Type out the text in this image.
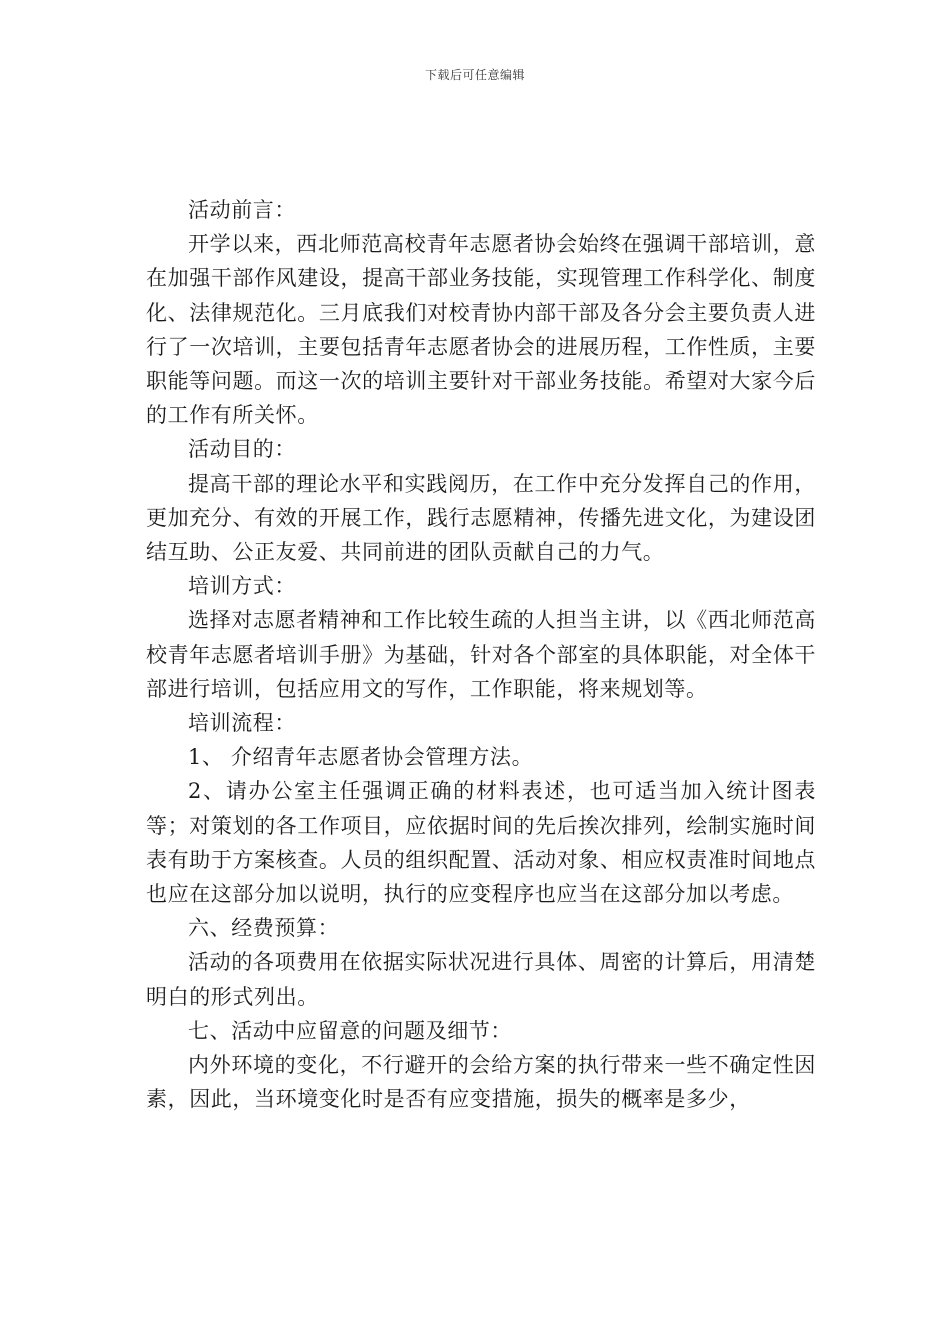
下载后可任意编辑

活动前言：

开学以来，西北师范高校青年志愿者协会始终在强调干部培训，意在加强干部作风建设，提高干部业务技能，实现管理工作科学化、制度化、法律规范化。三月底我们对校青协内部干部及各分会主要负责人进行了一次培训，主要包括青年志愿者协会的进展历程，工作性质，主要职能等问题。而这一次的培训主要针对干部业务技能。希望对大家今后的工作有所关怀。

活动目的：

提高干部的理论水平和实践阅历，在工作中充分发挥自己的作用，更加充分、有效的开展工作，践行志愿精神，传播先进文化，为建设团结互助、公正友爱、共同前进的团队贡献自己的力气。

培训方式：

选择对志愿者精神和工作比较生疏的人担当主讲，以《西北师范高校青年志愿者培训手册》为基础，针对各个部室的具体职能，对全体干部进行培训，包括应用文的写作，工作职能，将来规划等。

培训流程：

1、 介绍青年志愿者协会管理方法。

2、请办公室主任强调正确的材料表述，也可适当加入统计图表等；对策划的各工作项目，应依据时间的先后挨次排列，绘制实施时间表有助于方案核查。人员的组织配置、活动对象、相应权责准时间地点也应在这部分加以说明，执行的应变程序也应当在这部分加以考虑。

六、经费预算：

活动的各项费用在依据实际状况进行具体、周密的计算后，用清楚明白的形式列出。

七、活动中应留意的问题及细节：

内外环境的变化，不行避开的会给方案的执行带来一些不确定性因素，因此，当环境变化时是否有应变措施，损失的概率是多少，
